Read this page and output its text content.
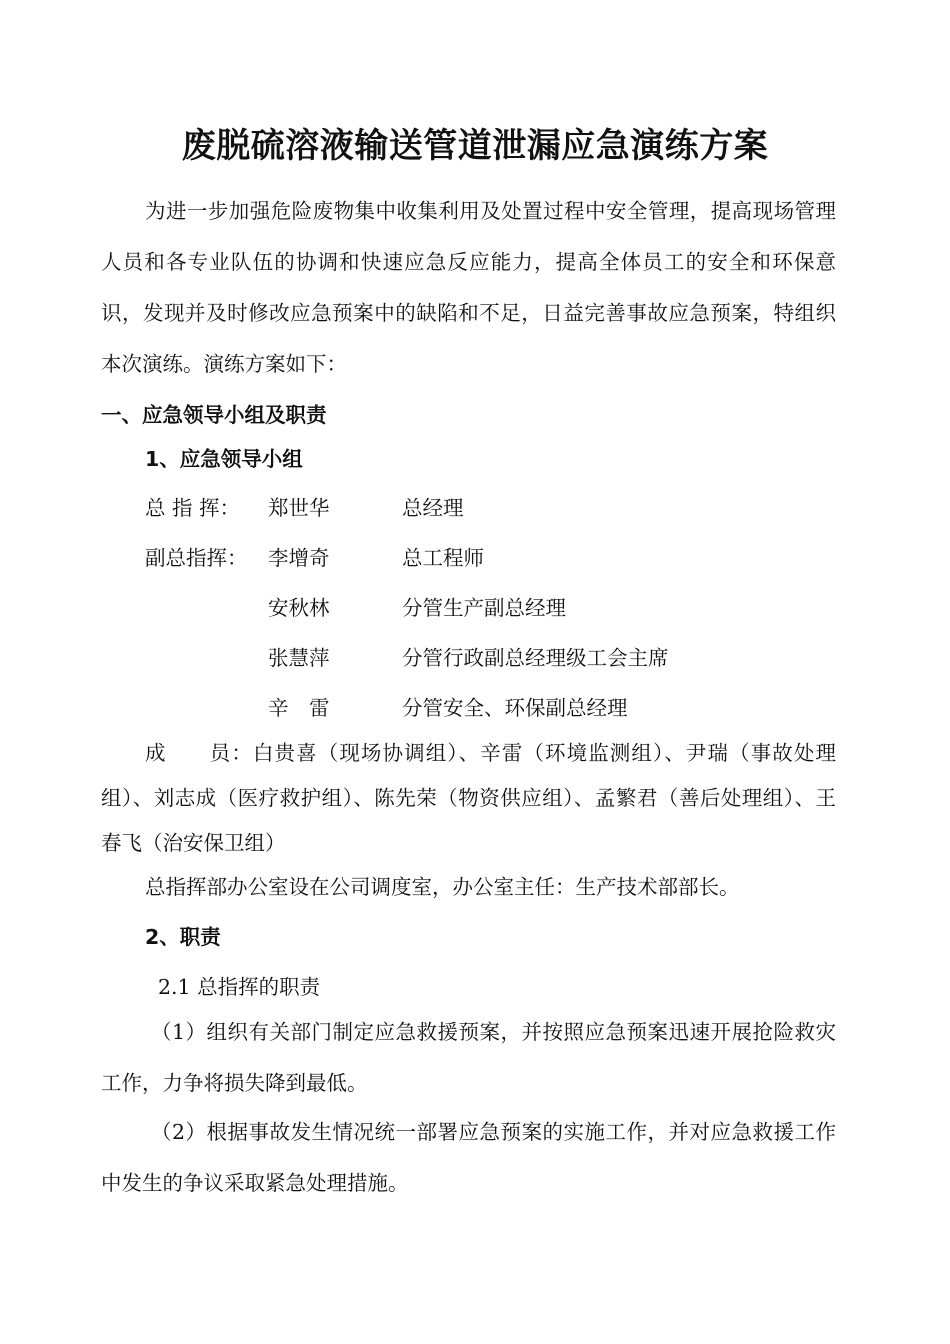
废脱硫溶液输送管道泄漏应急演练方案

为进一步加强危险废物集中收集利用及处置过程中安全管理，提高现场管理人员和各专业队伍的协调和快速应急反应能力，提高全体员工的安全和环保意识，发现并及时修改应急预案中的缺陷和不足，日益完善事故应急预案，特组织本次演练。演练方案如下：

一、应急领导小组及职责
1、应急领导小组
总 指 挥： 郑世华	总经理
副总指挥： 李增奇	总工程师
安秋林	分管生产副总经理
张慧萍	分管行政副总经理级工会主席
辛　雷	分管安全、环保副总经理

成　　员：白贵喜（现场协调组）、辛雷（环境监测组）、尹瑞（事故处理组）、刘志成（医疗救护组）、陈先荣（物资供应组）、孟繁君（善后处理组）、王春飞（治安保卫组）

总指挥部办公室设在公司调度室，办公室主任：生产技术部部长。
2、职责
2.1 总指挥的职责

（1）组织有关部门制定应急救援预案，并按照应急预案迅速开展抢险救灾工作，力争将损失降到最低。

（2）根据事故发生情况统一部署应急预案的实施工作，并对应急救援工作中发生的争议采取紧急处理措施。
